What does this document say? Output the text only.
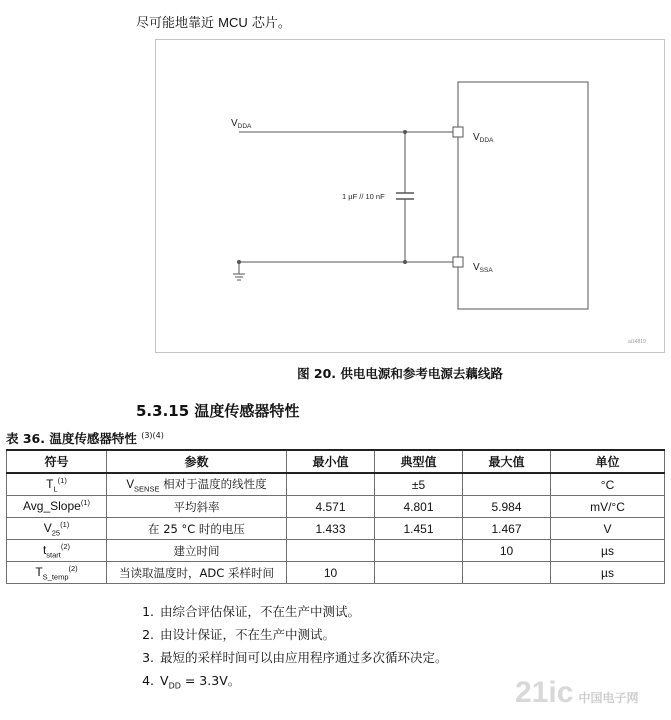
尽可能地靠近 MCU 芯片。
$V_{DDA}$
1 µF // 10 nF
$V_{DDA}$
$V_{SSA}$
ai14819
图 20. 供电电源和参考电源去藕线路
5.3.15 温度传感器特性
表 36. 温度传感器特性 $^{(3)(4)}$
符号	参数	最小值	典型值	最大值	单位
$T_L^{(1)}$	$V_{SENSE}$ 相对于温度的线性度		±5		°C
Avg_Slope$^{(1)}$	平均斜率	4.571	4.801	5.984	mV/°C
$V_{25}^{(1)}$	在 25 °C 时的电压	1.433	1.451	1.467	V
$t_{start}^{(2)}$	建立时间			10	µs
$T_{S\_temp}^{(2)}$	当读取温度时，ADC 采样时间	10			µs
1. 由综合评估保证，不在生产中测试。
2. 由设计保证，不在生产中测试。
3. 最短的采样时间可以由应用程序通过多次循环决定。
4. $V_{DD} = 3.3V$。	21ic 中国电子网
